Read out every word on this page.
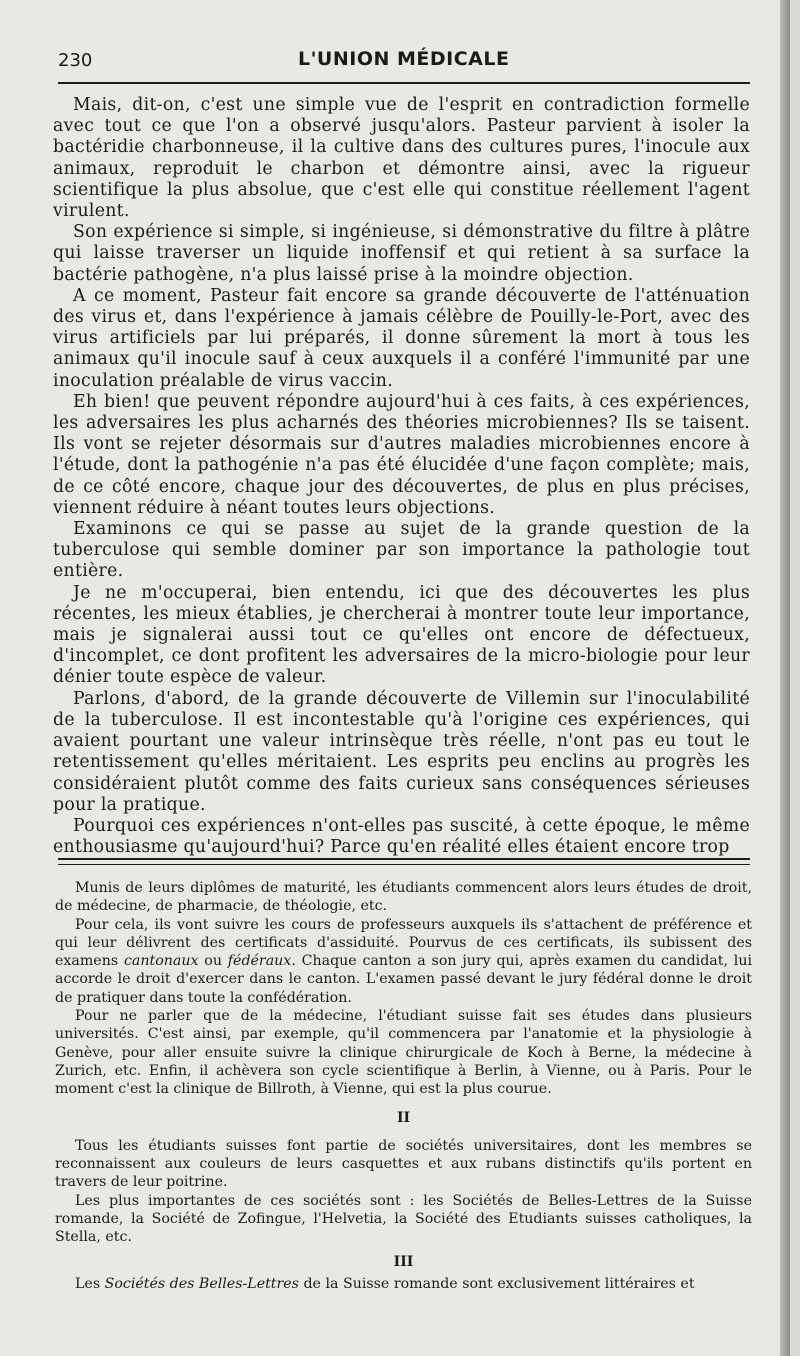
230	L'UNION MÉDICALE

Mais, dit-on, c'est une simple vue de l'esprit en contradiction formelle avec tout ce que l'on a observé jusqu'alors. Pasteur parvient à isoler la bactéridie charbonneuse, il la cultive dans des cultures pures, l'inocule aux animaux, reproduit le charbon et démontre ainsi, avec la rigueur scientifique la plus absolue, que c'est elle qui constitue réellement l'agent virulent.

Son expérience si simple, si ingénieuse, si démonstrative du filtre à plâtre qui laisse traverser un liquide inoffensif et qui retient à sa surface la bactérie pathogène, n'a plus laissé prise à la moindre objection.

A ce moment, Pasteur fait encore sa grande découverte de l'atténuation des virus et, dans l'expérience à jamais célèbre de Pouilly-le-Port, avec des virus artificiels par lui préparés, il donne sûrement la mort à tous les animaux qu'il inocule sauf à ceux auxquels il a conféré l'immunité par une inoculation préalable de virus vaccin.

Eh bien! que peuvent répondre aujourd'hui à ces faits, à ces expériences, les adversaires les plus acharnés des théories microbiennes? Ils se taisent. Ils vont se rejeter désormais sur d'autres maladies microbiennes encore à l'étude, dont la pathogénie n'a pas été élucidée d'une façon complète; mais, de ce côté encore, chaque jour des découvertes, de plus en plus précises, viennent réduire à néant toutes leurs objections.

Examinons ce qui se passe au sujet de la grande question de la tuberculose qui semble dominer par son importance la pathologie tout entière.

Je ne m'occuperai, bien entendu, ici que des découvertes les plus récentes, les mieux établies, je chercherai à montrer toute leur importance, mais je signalerai aussi tout ce qu'elles ont encore de défectueux, d'incomplet, ce dont profitent les adversaires de la micro-biologie pour leur dénier toute espèce de valeur.

Parlons, d'abord, de la grande découverte de Villemin sur l'inoculabilité de la tuberculose. Il est incontestable qu'à l'origine ces expériences, qui avaient pourtant une valeur intrinsèque très réelle, n'ont pas eu tout le retentissement qu'elles méritaient. Les esprits peu enclins au progrès les considéraient plutôt comme des faits curieux sans conséquences sérieuses pour la pratique.

Pourquoi ces expériences n'ont-elles pas suscité, à cette époque, le même enthousiasme qu'aujourd'hui? Parce qu'en réalité elles étaient encore trop

Munis de leurs diplômes de maturité, les étudiants commencent alors leurs études de droit, de médecine, de pharmacie, de théologie, etc.

Pour cela, ils vont suivre les cours de professeurs auxquels ils s'attachent de préférence et qui leur délivrent des certificats d'assiduité. Pourvus de ces certificats, ils subissent des examens cantonaux ou fédéraux. Chaque canton a son jury qui, après examen du candidat, lui accorde le droit d'exercer dans le canton. L'examen passé devant le jury fédéral donne le droit de pratiquer dans toute la confédération.

Pour ne parler que de la médecine, l'étudiant suisse fait ses études dans plusieurs universités. C'est ainsi, par exemple, qu'il commencera par l'anatomie et la physiologie à Genève, pour aller ensuite suivre la clinique chirurgicale de Koch à Berne, la médecine à Zurich, etc. Enfin, il achèvera son cycle scientifique à Berlin, à Vienne, ou à Paris. Pour le moment c'est la clinique de Billroth, à Vienne, qui est la plus courue.

II

Tous les étudiants suisses font partie de sociétés universitaires, dont les membres se reconnaissent aux couleurs de leurs casquettes et aux rubans distinctifs qu'ils portent en travers de leur poitrine.

Les plus importantes de ces sociétés sont : les Sociétés de Belles-Lettres de la Suisse romande, la Société de Zofingue, l'Helvetia, la Société des Etudiants suisses catholiques, la Stella, etc.

III

Les Sociétés des Belles-Lettres de la Suisse romande sont exclusivement littéraires et
